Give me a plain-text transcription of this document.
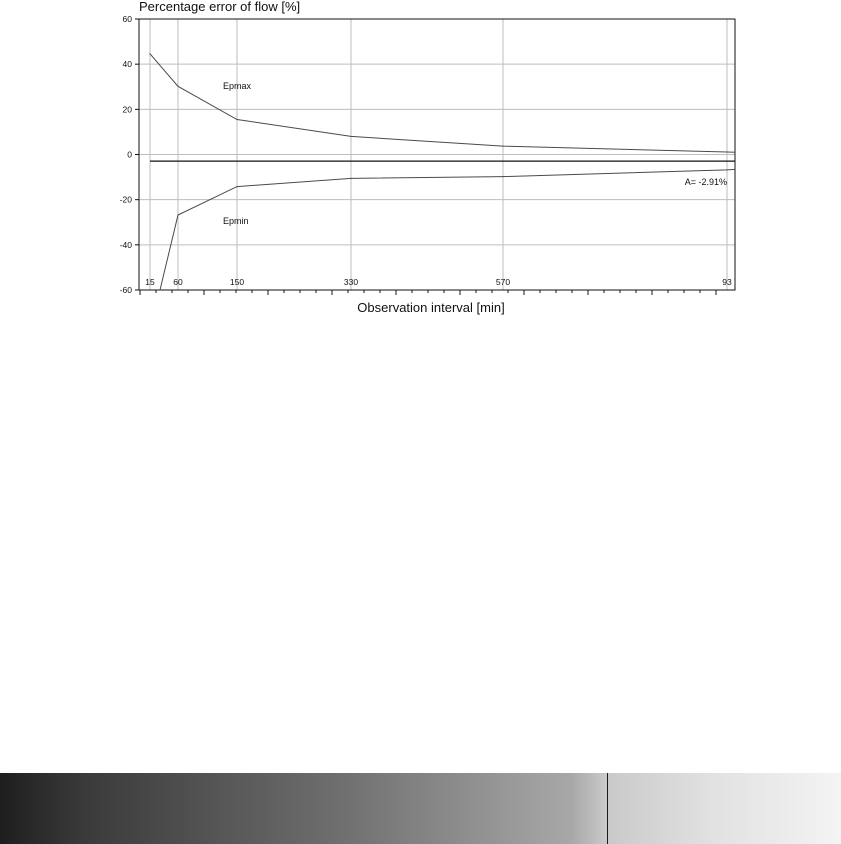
60
40
20
0
-20
-40
-60
15 60	150	330	570	93
Percentage error of flow [%]
Observation interval [min]
Epmax
Epmin
A= -2.91%
